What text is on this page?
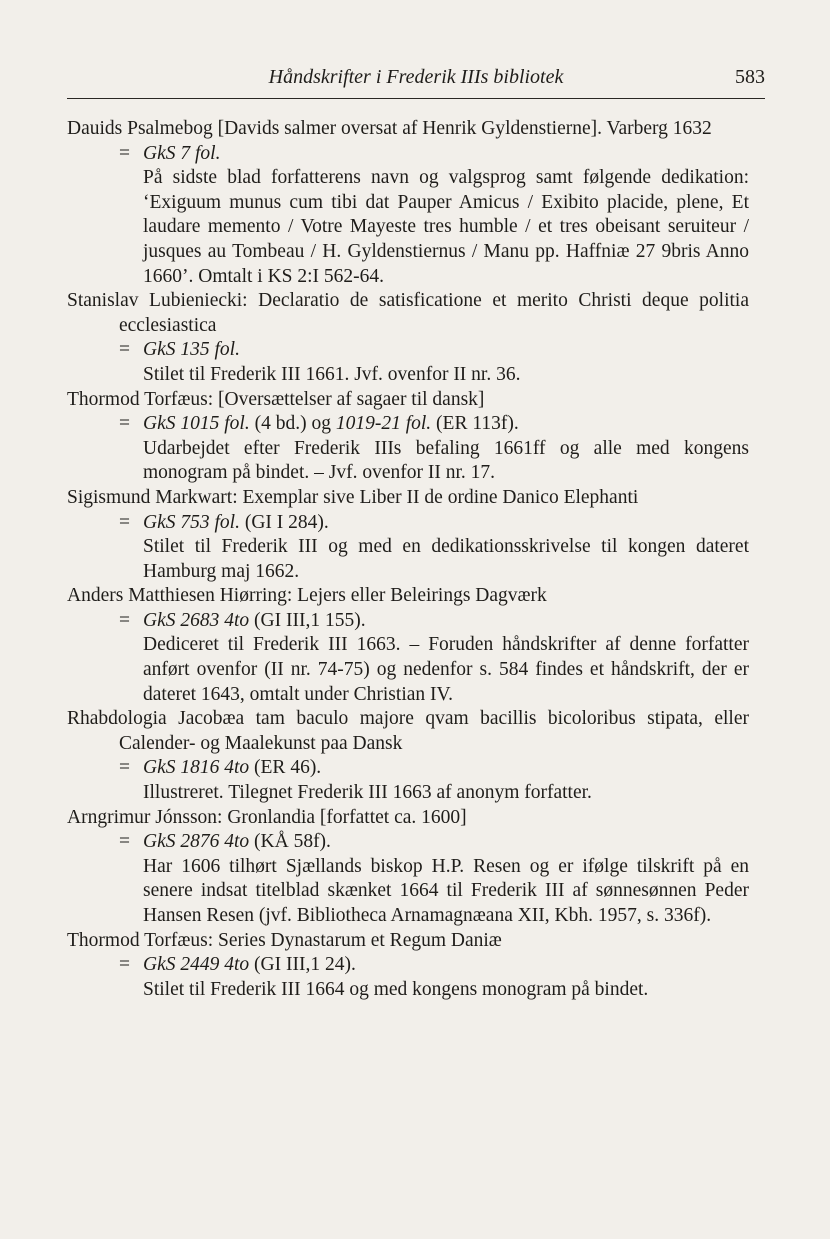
Håndskrifter i Frederik IIIs bibliotek	583
Dauids Psalmebog [Davids salmer oversat af Henrik Gyldenstierne]. Varberg 1632
= GkS 7 fol.
På sidste blad forfatterens navn og valgsprog samt følgende dedikation: ‘Exiguum munus cum tibi dat Pauper Amicus / Exibito placide, plene, Et laudare memento / Votre Mayeste tres humble / et tres obeisant seruiteur / jusques au Tombeau / H. Gyldenstiernus / Manu pp. Haffniæ 27 9bris Anno 1660’. Omtalt i KS 2:I 562-64.
Stanislav Lubieniecki: Declaratio de satisficatione et merito Christi deque politia ecclesiastica
= GkS 135 fol.
Stilet til Frederik III 1661. Jvf. ovenfor II nr. 36.
Thormod Torfæus: [Oversættelser af sagaer til dansk]
= GkS 1015 fol. (4 bd.) og 1019-21 fol. (ER 113f).
Udarbejdet efter Frederik IIIs befaling 1661ff og alle med kongens monogram på bindet. – Jvf. ovenfor II nr. 17.
Sigismund Markwart: Exemplar sive Liber II de ordine Danico Elephanti
= GkS 753 fol. (GI I 284).
Stilet til Frederik III og med en dedikationsskrivelse til kongen dateret Hamburg maj 1662.
Anders Matthiesen Hiørring: Lejers eller Beleirings Dagværk
= GkS 2683 4to (GI III,1 155).
Dediceret til Frederik III 1663. – Foruden håndskrifter af denne forfatter anført ovenfor (II nr. 74-75) og nedenfor s. 584 findes et håndskrift, der er dateret 1643, omtalt under Christian IV.
Rhabdologia Jacobæa tam baculo majore qvam bacillis bicoloribus stipata, eller Calender- og Maalekunst paa Dansk
= GkS 1816 4to (ER 46).
Illustreret. Tilegnet Frederik III 1663 af anonym forfatter.
Arngrimur Jónsson: Gronlandia [forfattet ca. 1600]
= GkS 2876 4to (KÅ 58f).
Har 1606 tilhørt Sjællands biskop H.P. Resen og er ifølge tilskrift på en senere indsat titelblad skænket 1664 til Frederik III af sønnesønnen Peder Hansen Resen (jvf. Bibliotheca Arnamagnæana XII, Kbh. 1957, s. 336f).
Thormod Torfæus: Series Dynastarum et Regum Daniæ
= GkS 2449 4to (GI III,1 24).
Stilet til Frederik III 1664 og med kongens monogram på bindet.
